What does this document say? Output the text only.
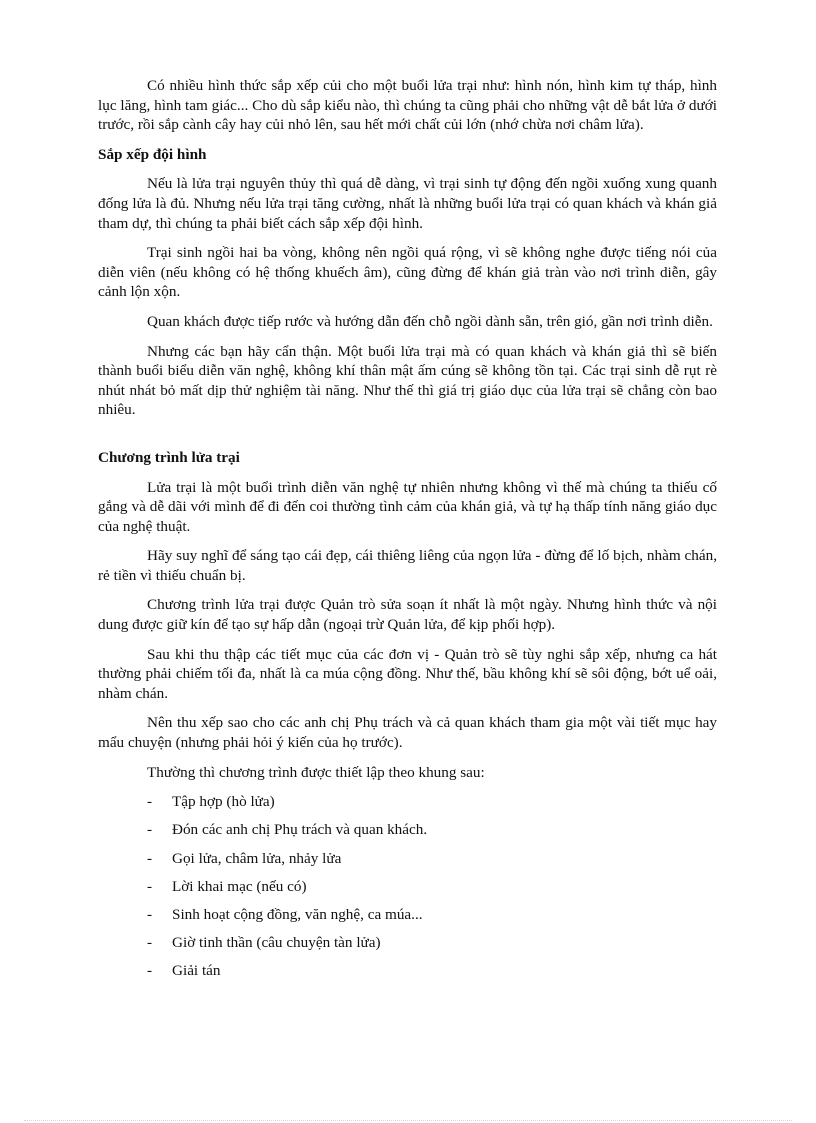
Có nhiều hình thức sắp xếp củi cho một buổi lửa trại như: hình nón, hình kim tự tháp, hình lục lăng, hình tam giác... Cho dù sắp kiểu nào, thì chúng ta cũng phải cho những vật dễ bắt lửa ở dưới trước, rồi sắp cành cây hay củi nhỏ lên, sau hết mới chất củi lớn (nhớ chừa nơi châm lửa).

Sắp xếp đội hình

Nếu là lửa trại nguyên thủy thì quá dễ dàng, vì trại sinh tự động đến ngồi xuống xung quanh đống lửa là đủ. Nhưng nếu lửa trại tăng cường, nhất là những buổi lửa trại có quan khách và khán giả tham dự, thì chúng ta phải biết cách sắp xếp đội hình.

Trại sinh ngồi hai ba vòng, không nên ngồi quá rộng, vì sẽ không nghe được tiếng nói của diễn viên (nếu không có hệ thống khuếch âm), cũng đừng để khán giả tràn vào nơi trình diễn, gây cảnh lộn xộn.

Quan khách được tiếp rước và hướng dẫn đến chỗ ngồi dành sẵn, trên gió, gần nơi trình diễn.

Nhưng các bạn hãy cẩn thận. Một buổi lửa trại mà có quan khách và khán giả thì sẽ biến thành buổi biểu diễn văn nghệ, không khí thân mật ấm cúng sẽ không tồn tại. Các trại sinh dễ rụt rè nhút nhát bỏ mất dịp thử nghiệm tài năng. Như thế thì giá trị giáo dục của lửa trại sẽ chẳng còn bao nhiêu.

Chương trình lửa trại

Lửa trại là một buổi trình diễn văn nghệ tự nhiên nhưng không vì thế mà chúng ta thiếu cố gắng và dễ dãi với mình để đi đến coi thường tình cảm của khán giả, và tự hạ thấp tính năng giáo dục của nghệ thuật.

Hãy suy nghĩ để sáng tạo cái đẹp, cái thiêng liêng của ngọn lửa - đừng để lố bịch, nhàm chán, rẻ tiền vì thiếu chuẩn bị.

Chương trình lửa trại được Quản trò sửa soạn ít nhất là một ngày. Nhưng hình thức và nội dung được giữ kín để tạo sự hấp dẫn (ngoại trừ Quản lửa, để kịp phối hợp).

Sau khi thu thập các tiết mục của các đơn vị - Quản trò sẽ tùy nghi sắp xếp, nhưng ca hát thường phải chiếm tối đa, nhất là ca múa cộng đồng. Như thế, bầu không khí sẽ sôi động, bớt uể oải, nhàm chán.

Nên thu xếp sao cho các anh chị Phụ trách và cả quan khách tham gia một vài tiết mục hay mẩu chuyện (nhưng phải hỏi ý kiến của họ trước).

Thường thì chương trình được thiết lập theo khung sau:

-	Tập hợp (hò lửa)
-	Đón các anh chị Phụ trách và quan khách.
-	Gọi lửa, châm lửa, nhảy lửa
-	Lời khai mạc (nếu có)
-	Sinh hoạt cộng đồng, văn nghệ, ca múa...
-	Giờ tinh thần (câu chuyện tàn lửa)
-	Giải tán
